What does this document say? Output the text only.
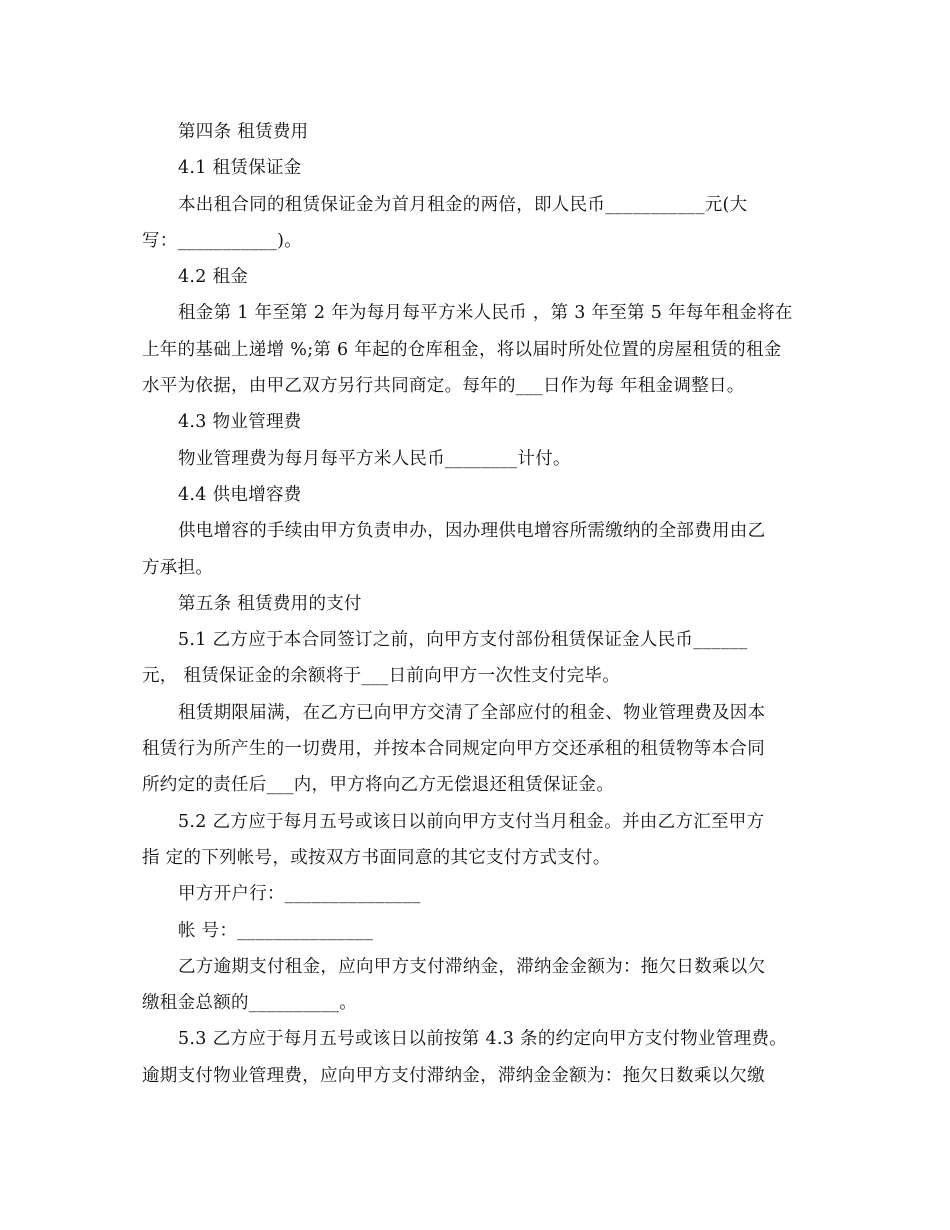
第四条 租赁费用
4.1 租赁保证金
本出租合同的租赁保证金为首月租金的两倍，即人民币___________元(大
写：___________)。
4.2 租金
租金第 1 年至第 2 年为每月每平方米人民币 ，第 3 年至第 5 年每年租金将在
上年的基础上递增 %;第 6 年起的仓库租金，将以届时所处位置的房屋租赁的租金
水平为依据，由甲乙双方另行共同商定。每年的___日作为每 年租金调整日。
4.3 物业管理费
物业管理费为每月每平方米人民币________计付。
4.4 供电增容费
供电增容的手续由甲方负责申办，因办理供电增容所需缴纳的全部费用由乙
方承担。
第五条 租赁费用的支付
5.1 乙方应于本合同签订之前，向甲方支付部份租赁保证金人民币______
元， 租赁保证金的余额将于___日前向甲方一次性支付完毕。
租赁期限届满，在乙方已向甲方交清了全部应付的租金、物业管理费及因本
租赁行为所产生的一切费用，并按本合同规定向甲方交还承租的租赁物等本合同
所约定的责任后___内，甲方将向乙方无偿退还租赁保证金。
5.2 乙方应于每月五号或该日以前向甲方支付当月租金。并由乙方汇至甲方
指 定的下列帐号，或按双方书面同意的其它支付方式支付。
甲方开户行：_______________
帐 号：_______________
乙方逾期支付租金，应向甲方支付滞纳金，滞纳金金额为：拖欠日数乘以欠
缴租金总额的__________。
5.3 乙方应于每月五号或该日以前按第 4.3 条的约定向甲方支付物业管理费。
逾期支付物业管理费，应向甲方支付滞纳金，滞纳金金额为：拖欠日数乘以欠缴
